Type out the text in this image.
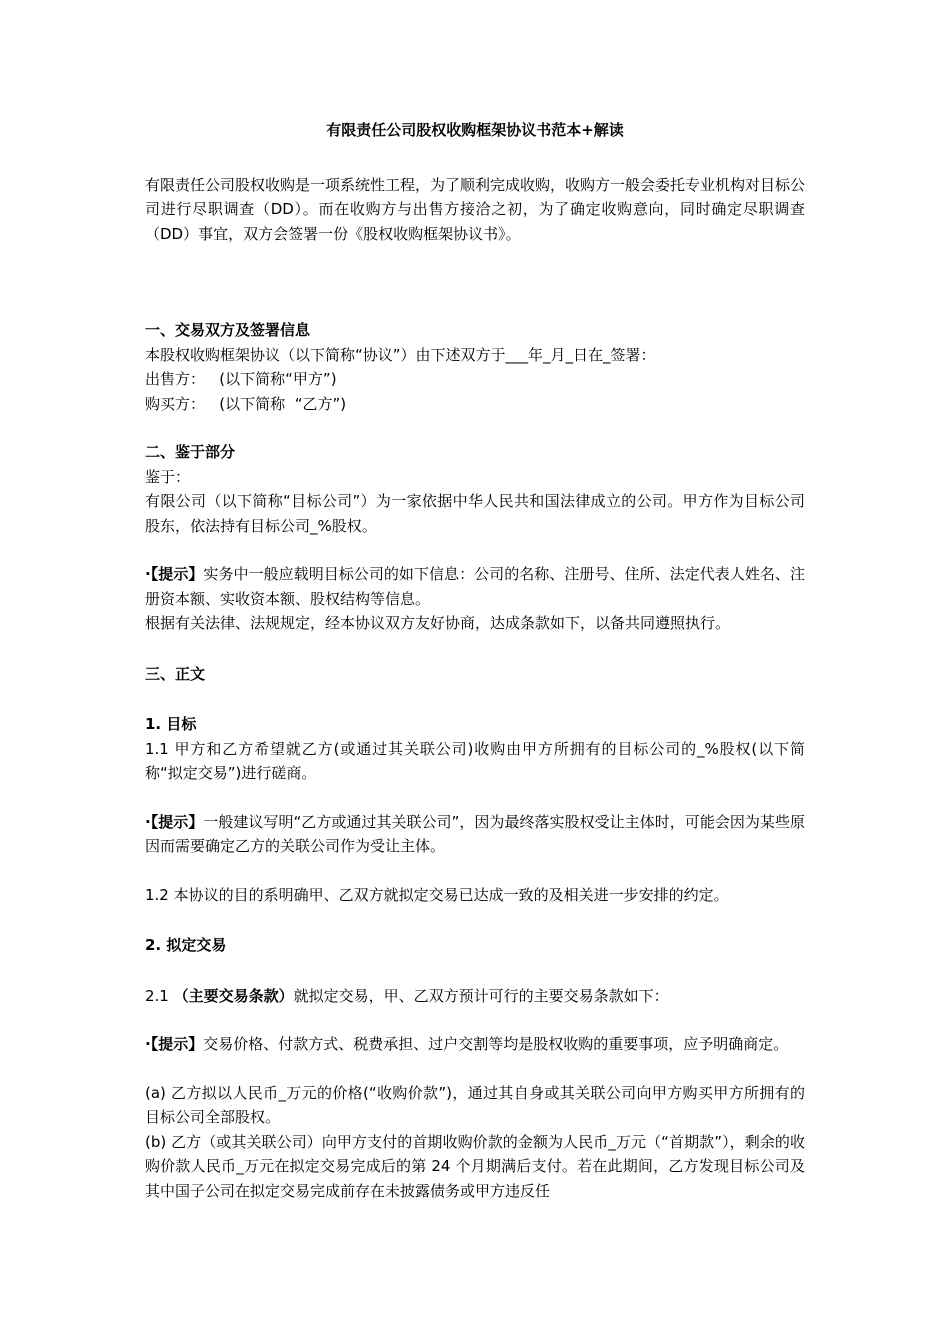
有限责任公司股权收购框架协议书范本+解读

有限责任公司股权收购是一项系统性工程，为了顺利完成收购，收购方一般会委托专业机构对目标公司进行尽职调查（DD）。而在收购方与出售方接洽之初，为了确定收购意向，同时确定尽职调查（DD）事宜，双方会签署一份《股权收购框架协议书》。

一、交易双方及签署信息

本股权收购框架协议（以下简称“协议”）由下述双方于___年_月_日在_签署：

出售方：   (以下简称“甲方”)

购买方：   (以下简称  “乙方”)

二、鉴于部分

鉴于：

有限公司（以下简称“目标公司”）为一家依据中华人民共和国法律成立的公司。甲方作为目标公司股东，依法持有目标公司_%股权。

·【提示】实务中一般应载明目标公司的如下信息：公司的名称、注册号、住所、法定代表人姓名、注册资本额、实收资本额、股权结构等信息。

根据有关法律、法规规定，经本协议双方友好协商，达成条款如下，以备共同遵照执行。

三、正文

1. 目标

1.1 甲方和乙方希望就乙方(或通过其关联公司)收购由甲方所拥有的目标公司的_%股权(以下简称“拟定交易”)进行磋商。

·【提示】一般建议写明“乙方或通过其关联公司”，因为最终落实股权受让主体时，可能会因为某些原因而需要确定乙方的关联公司作为受让主体。

1.2 本协议的目的系明确甲、乙双方就拟定交易已达成一致的及相关进一步安排的约定。

2. 拟定交易

2.1 （主要交易条款）就拟定交易，甲、乙双方预计可行的主要交易条款如下：

·【提示】交易价格、付款方式、税费承担、过户交割等均是股权收购的重要事项，应予明确商定。

(a) 乙方拟以人民币_万元的价格(“收购价款”)，通过其自身或其关联公司向甲方购买甲方所拥有的目标公司全部股权。

(b) 乙方（或其关联公司）向甲方支付的首期收购价款的金额为人民币_万元（“首期款”），剩余的收购价款人民币_万元在拟定交易完成后的第 24 个月期满后支付。若在此期间，乙方发现目标公司及其中国子公司在拟定交易完成前存在未披露债务或甲方违反任
